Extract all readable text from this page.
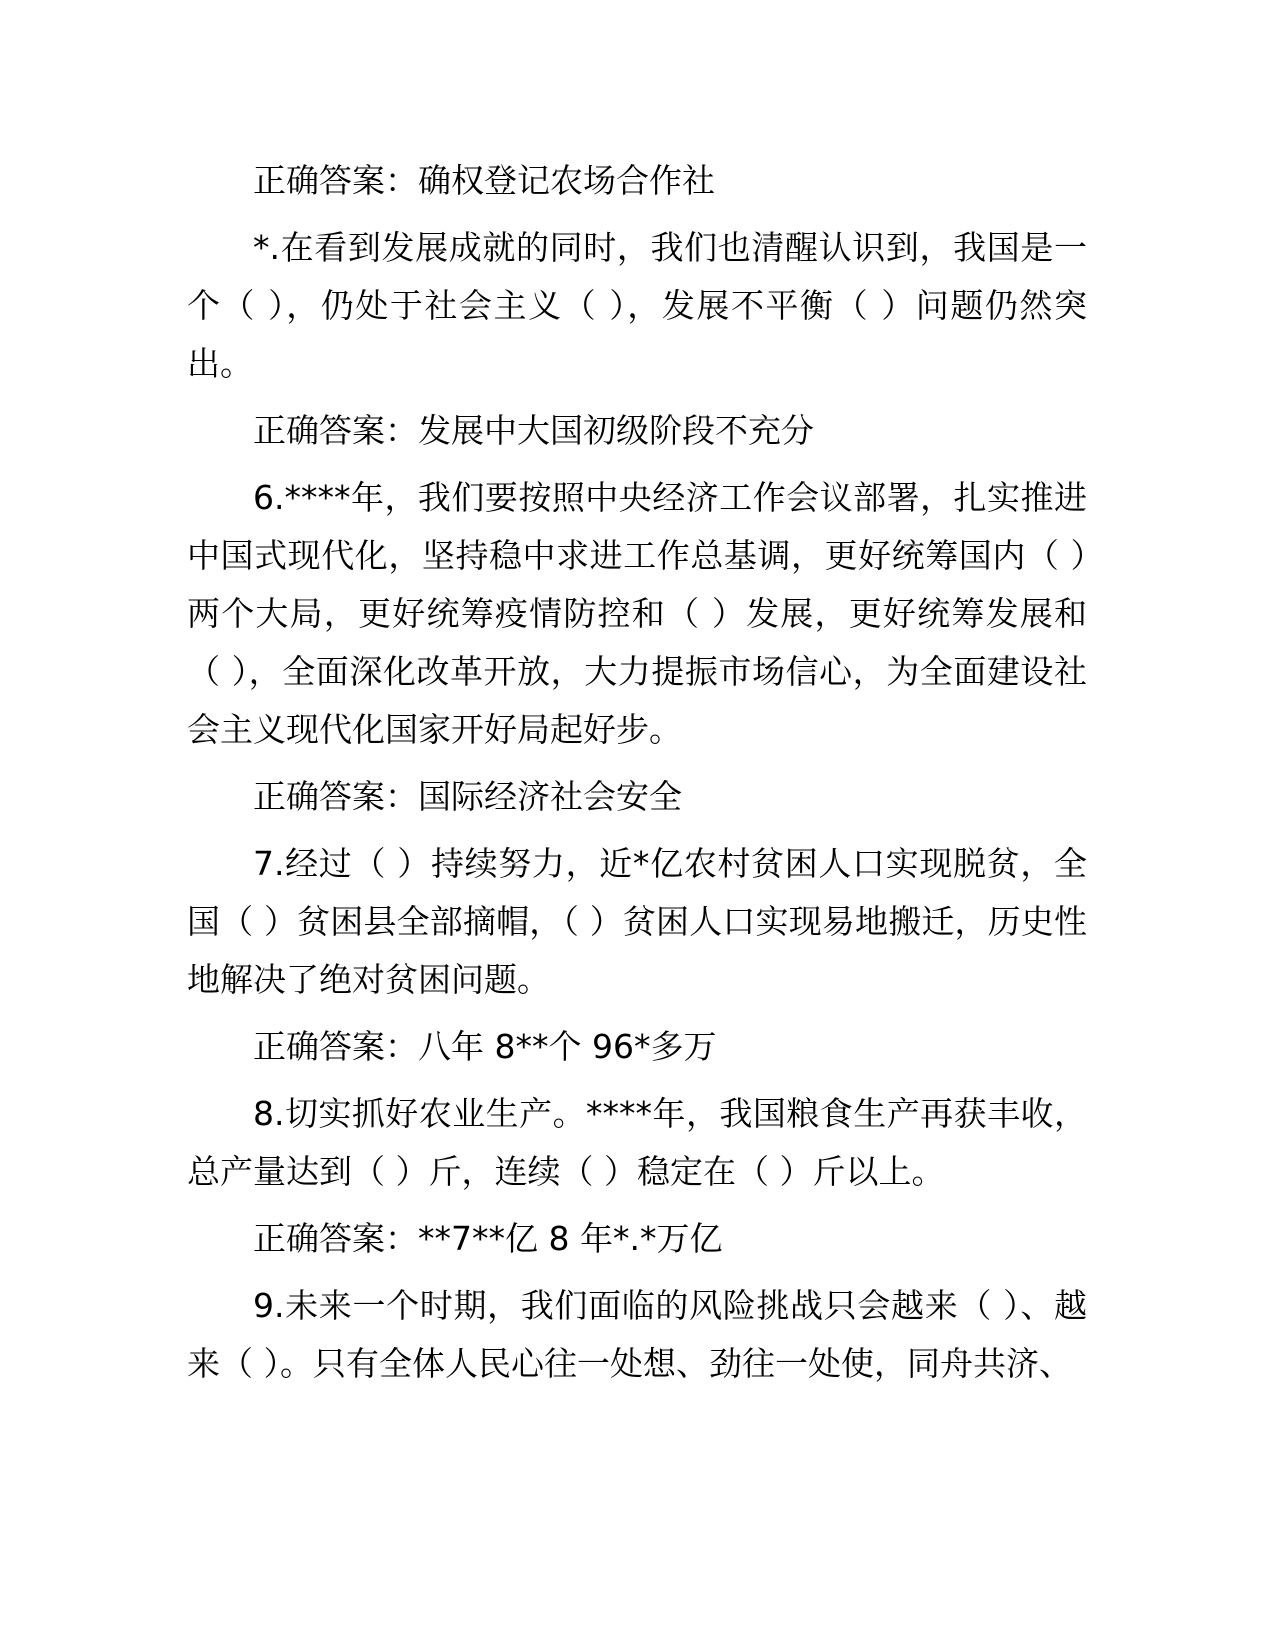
正确答案：确权登记农场合作社

*.在看到发展成就的同时，我们也清醒认识到，我国是一个（ ），仍处于社会主义（ ），发展不平衡（ ）问题仍然突出。

正确答案：发展中大国初级阶段不充分

6.****年，我们要按照中央经济工作会议部署，扎实推进中国式现代化，坚持稳中求进工作总基调，更好统筹国内（ ）两个大局，更好统筹疫情防控和（ ）发展，更好统筹发展和（ ），全面深化改革开放，大力提振市场信心，为全面建设社会主义现代化国家开好局起好步。

正确答案：国际经济社会安全

7.经过（ ）持续努力，近*亿农村贫困人口实现脱贫，全国（ ）贫困县全部摘帽，（ ）贫困人口实现易地搬迁，历史性地解决了绝对贫困问题。

正确答案：八年 8**个 96*多万

8.切实抓好农业生产。****年，我国粮食生产再获丰收，总产量达到（ ）斤，连续（ ）稳定在（ ）斤以上。

正确答案：**7**亿 8 年*.*万亿

9.未来一个时期，我们面临的风险挑战只会越来（ ）、越来（ ）。只有全体人民心往一处想、劲往一处使，同舟共济、
